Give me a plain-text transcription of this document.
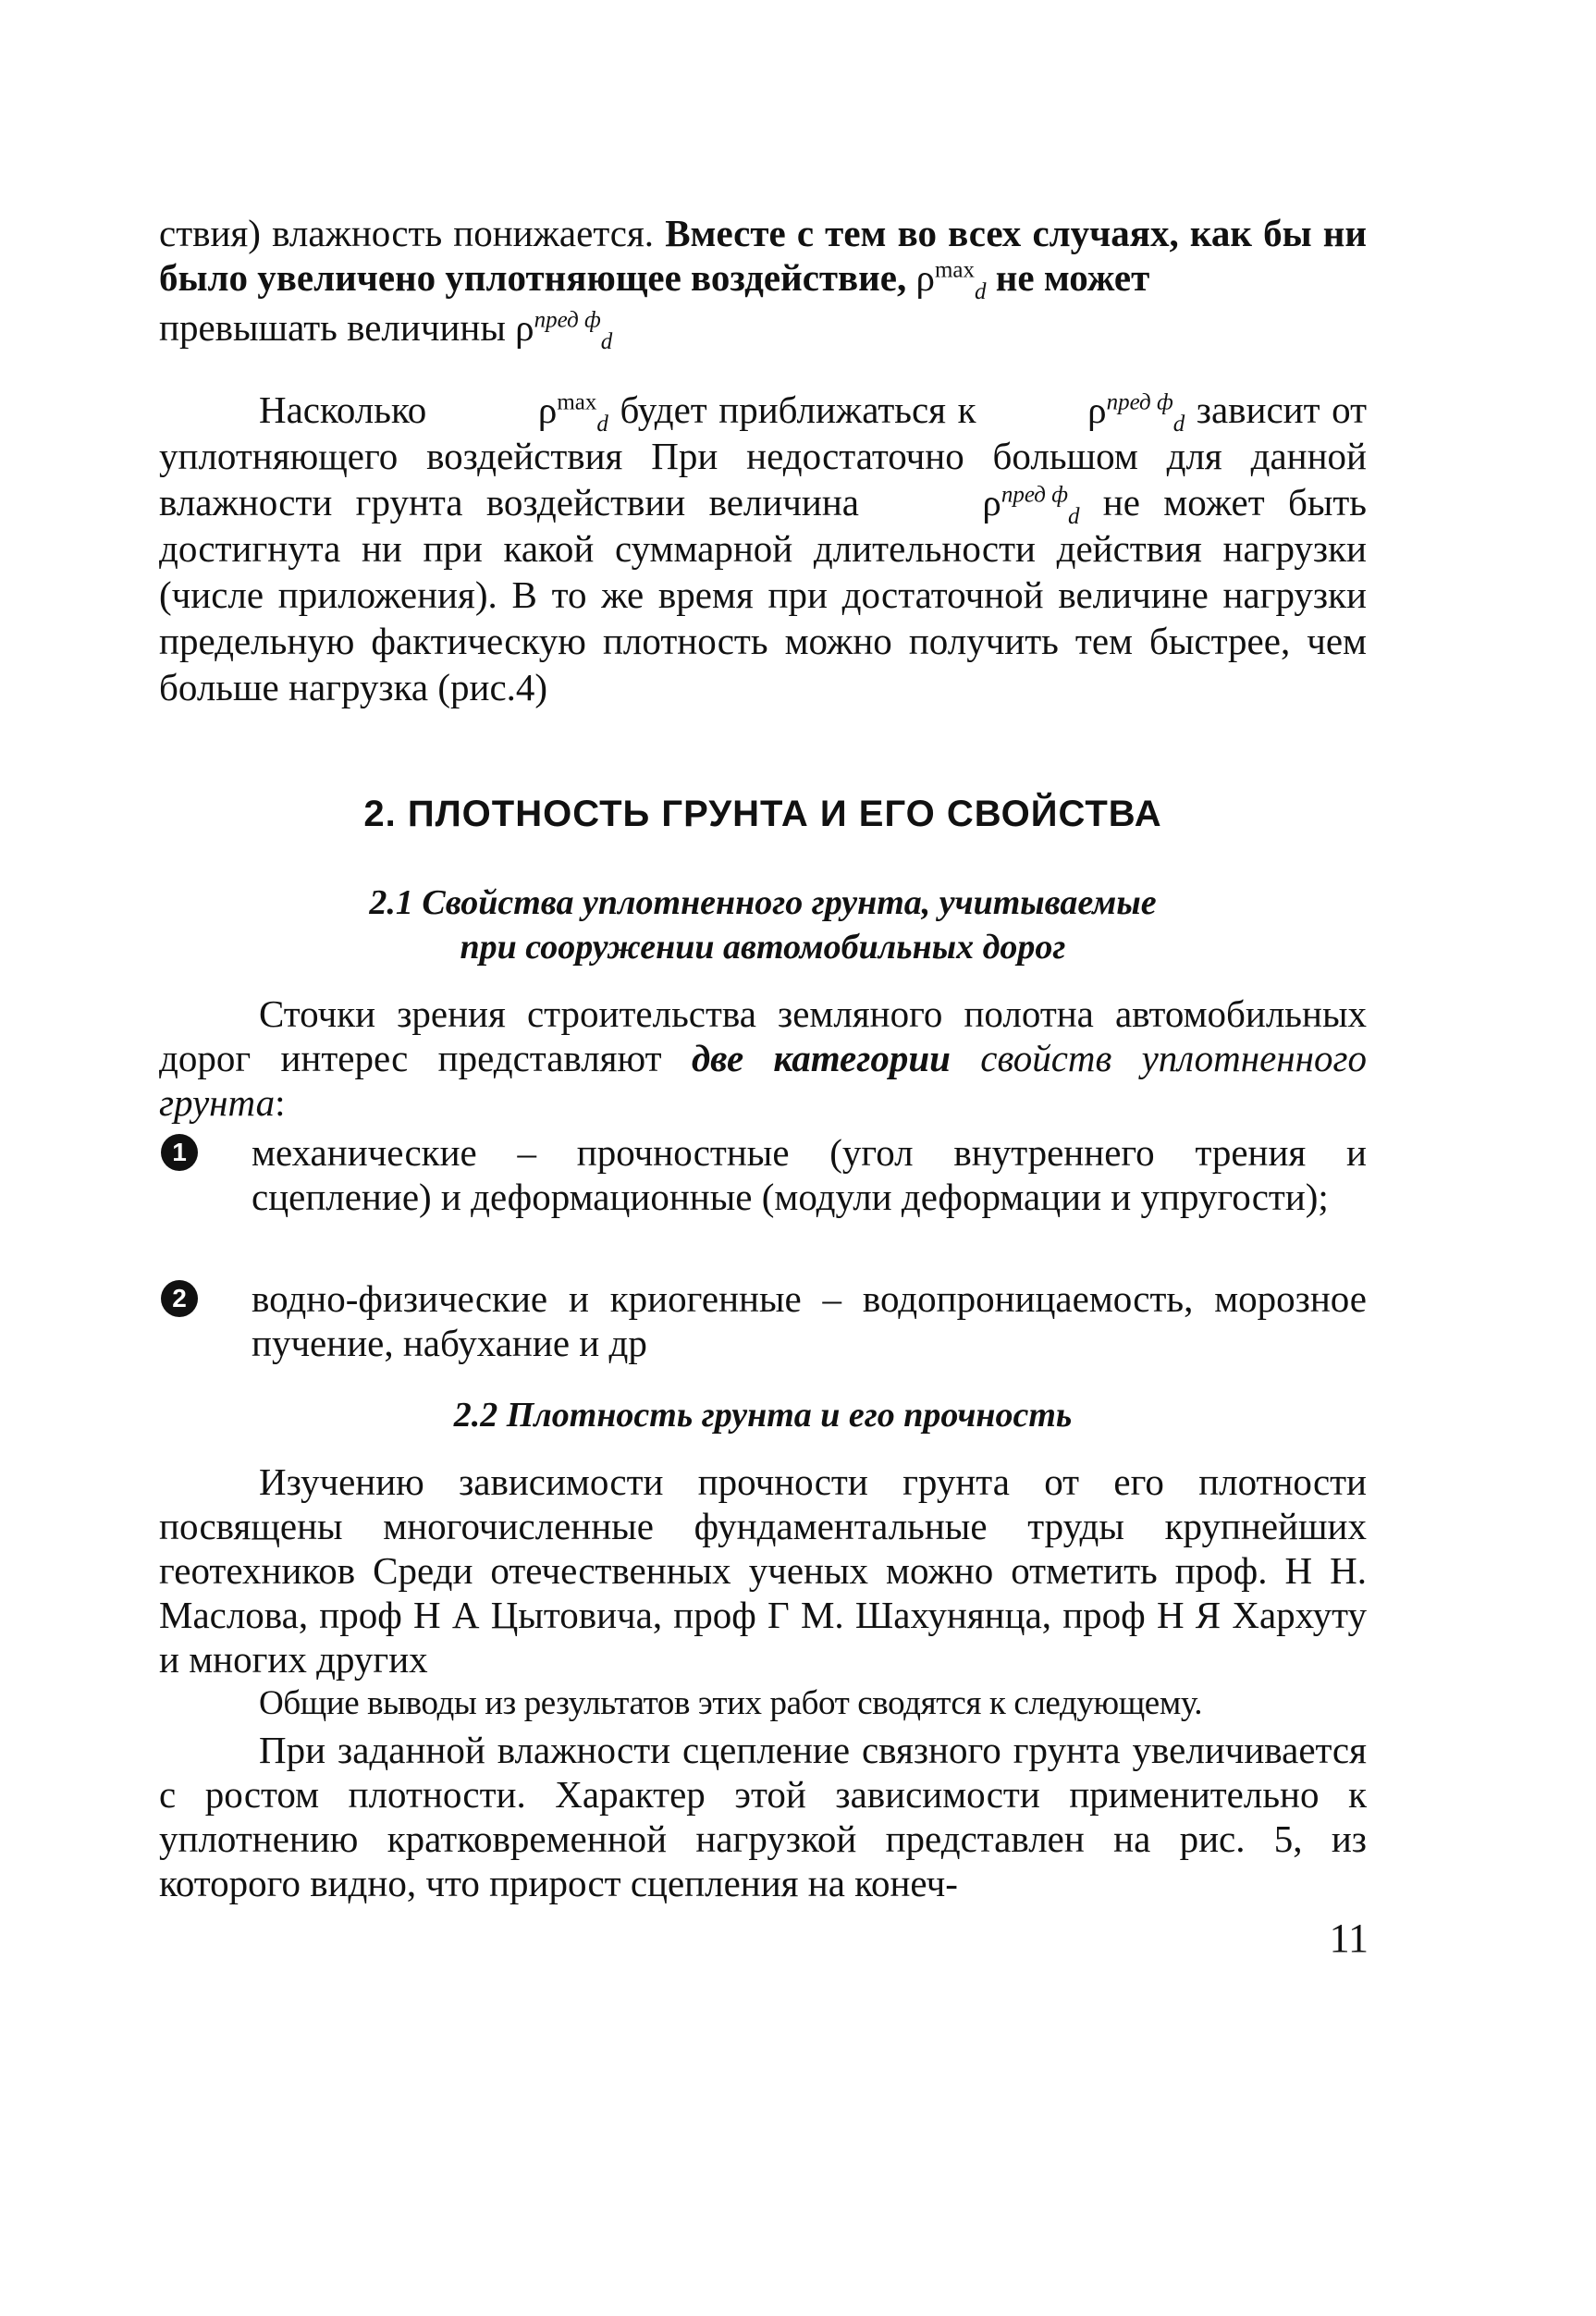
ствия) влажность понижается. Вместе с тем во всех случаях, как бы ни было увеличено уплотняющее воздействие, $\rho^{max}_d$ не может

превышать величины $\rho^{пред ф}_d$

Насколько	$\rho^{max}_d$ будет приближаться к	$\rho^{пред ф}_d$ зависит от уплотняющего воздействия При недостаточно большом для данной влажности грунта воздействии величина	$\rho^{пред ф}_d$ не может быть достигнута ни при какой суммарной длительности действия нагрузки (числе приложения). В то же время при достаточной величине нагрузки предельную фактическую плотность можно получить тем быстрее, чем больше нагрузка (рис.4)

2. ПЛОТНОСТЬ ГРУНТА И ЕГО СВОЙСТВА
2.1 Свойства уплотненного грунта, учитываемые
при сооружении автомобильных дорог

Сточки зрения строительства земляного полотна автомобильных дорог интерес представляют две категории свойств уплотненного грунта:

1	механические – прочностные (угол внутреннего трения и сцепление) и деформационные (модули деформации и упругости);

2	водно-физические и криогенные – водопроницаемость, морозное пучение, набухание и др

2.2 Плотность грунта и его прочность

Изучению зависимости прочности грунта от его плотности посвящены многочисленные фундаментальные труды крупнейших геотехников Среди отечественных ученых можно отметить проф. Н Н. Маслова, проф Н А Цытовича, проф Г М. Шахунянца, проф Н Я Хархуту и многих других

Общие выводы из результатов этих работ сводятся к следующему.

При заданной влажности сцепление связного грунта увеличивается с ростом плотности. Характер этой зависимости применительно к уплотнению кратковременной нагрузкой представлен на рис. 5, из которого видно, что прирост сцепления на конеч-

11
